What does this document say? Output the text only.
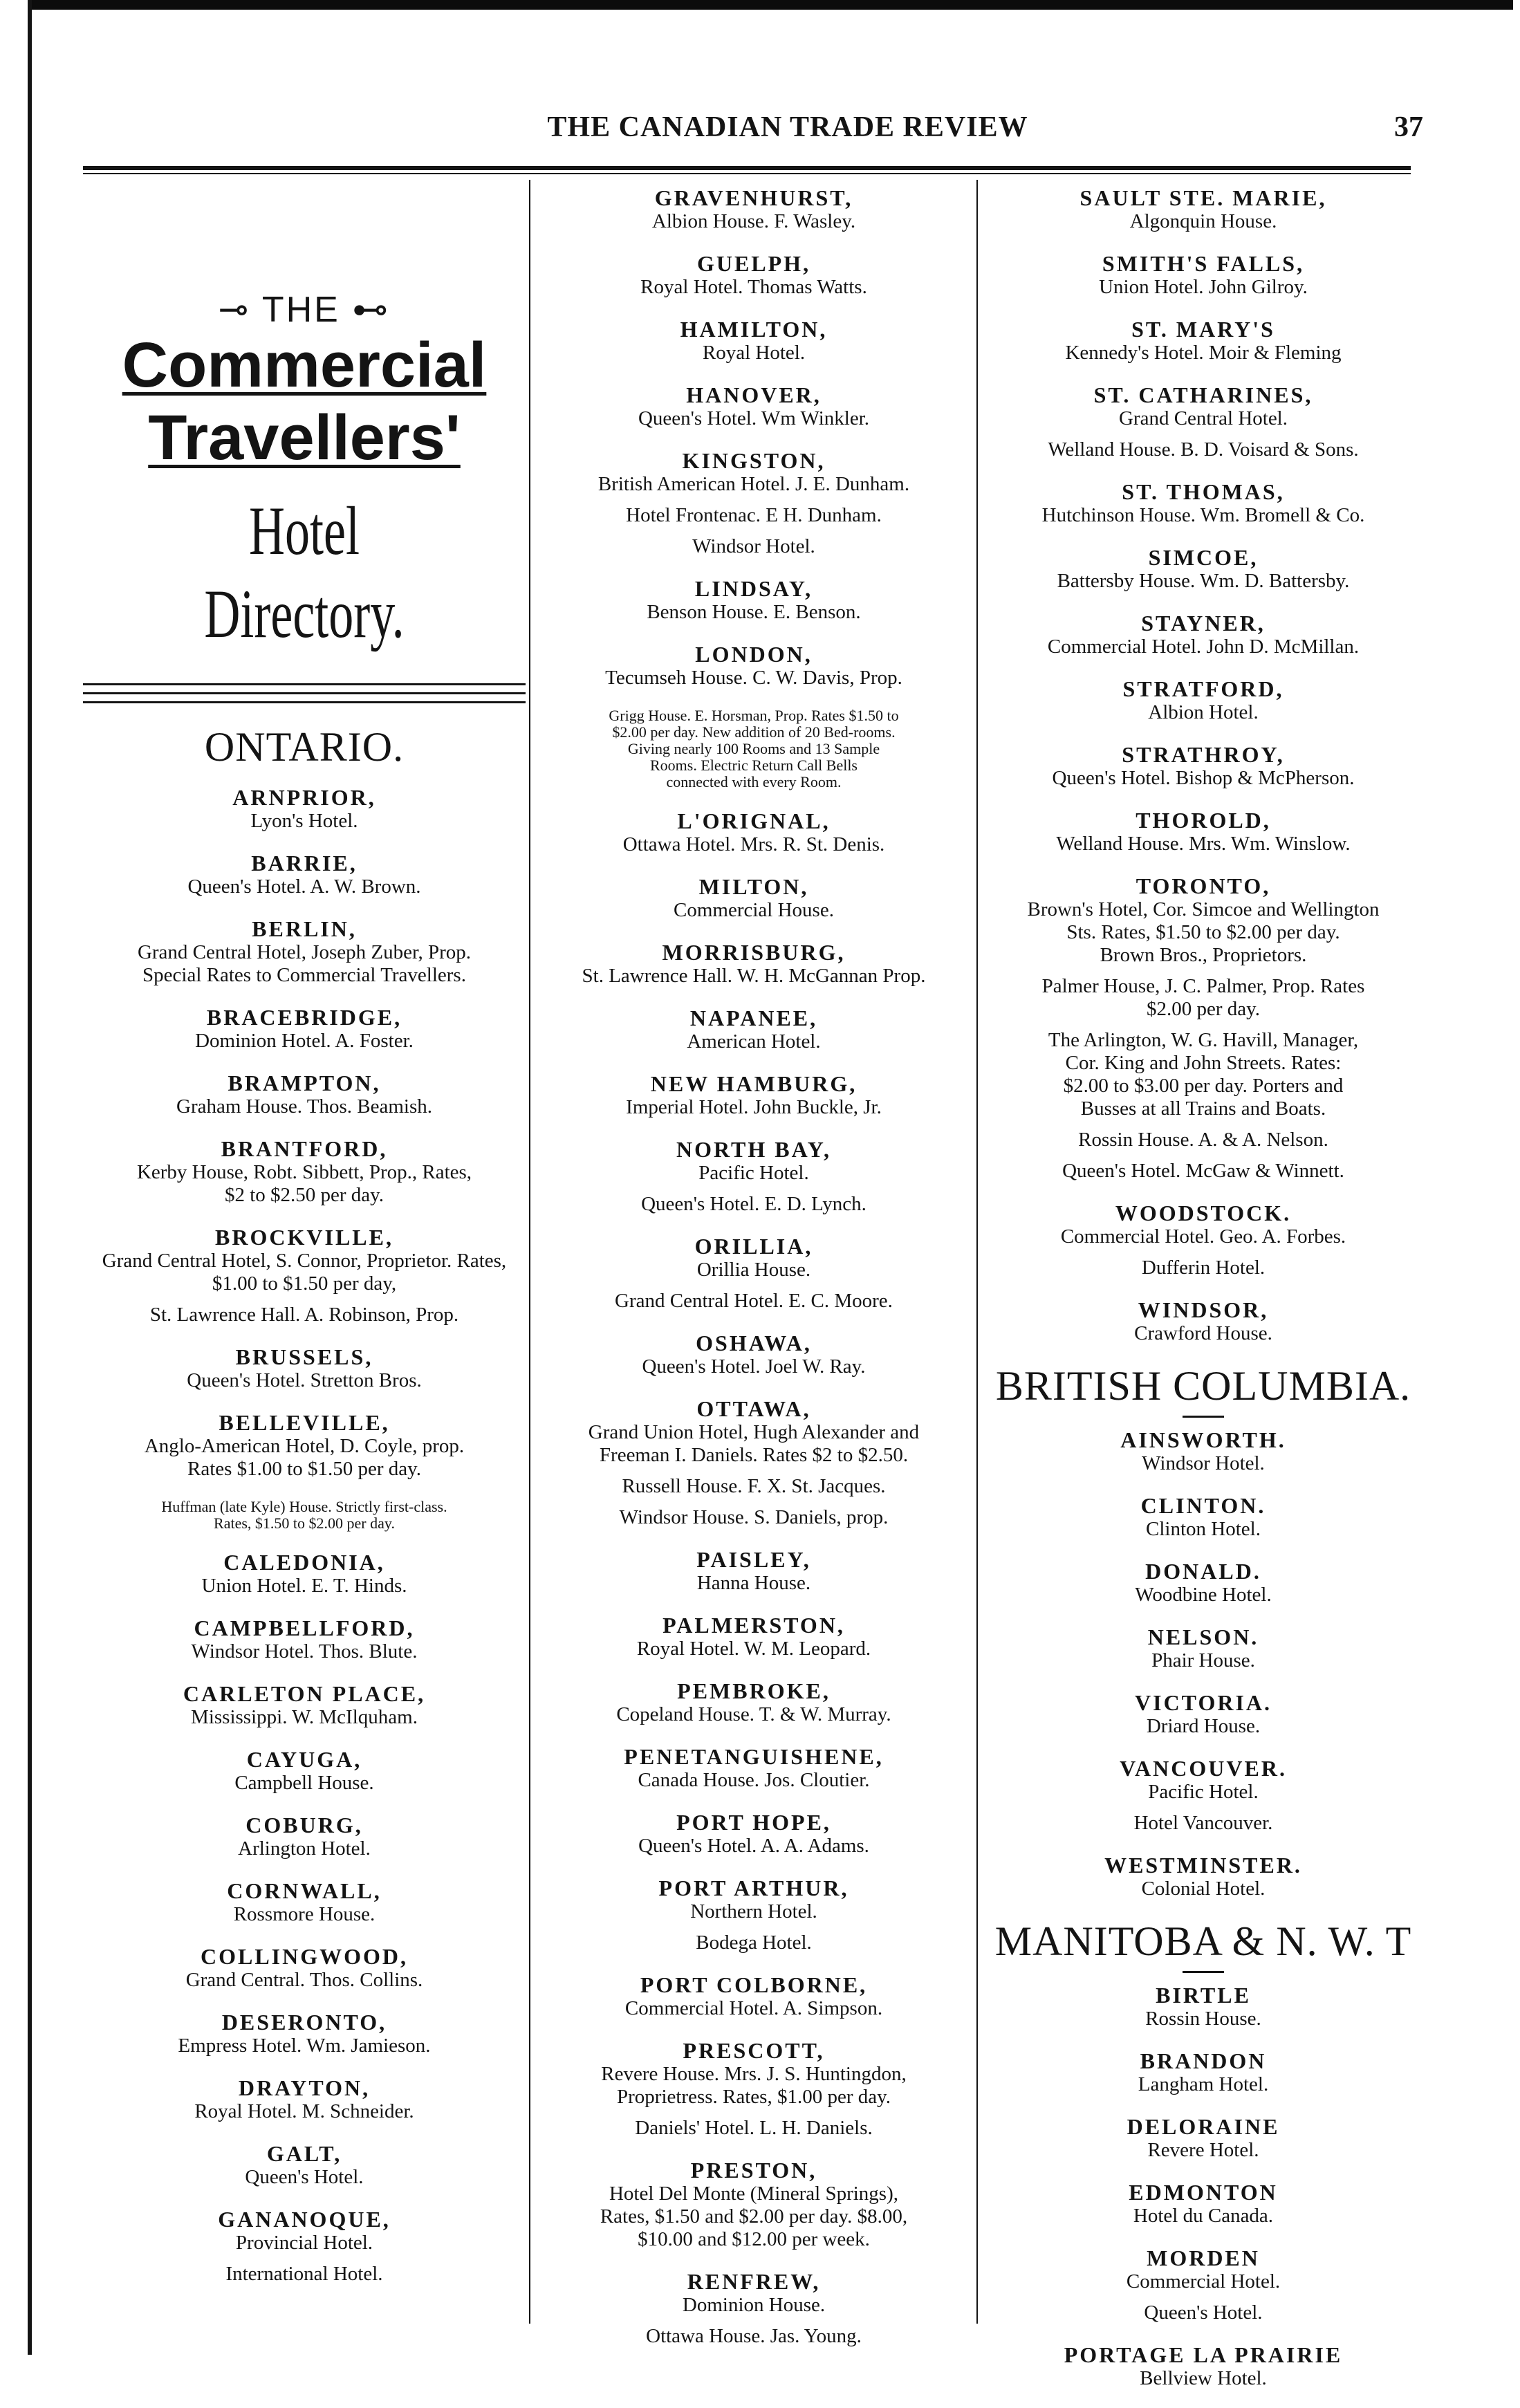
THE CANADIAN TRADE REVIEW	37
⊸ THE ⊷
Commercial
Travellers'
Hotel Directory.
ONTARIO.
ARNPRIOR,
Lyon's Hotel.
BARRIE,
Queen's Hotel. A. W. Brown.
BERLIN,
Grand Central Hotel, Joseph Zuber, Prop.
Special Rates to Commercial Travellers.
BRACEBRIDGE,
Dominion Hotel. A. Foster.
BRAMPTON,
Graham House. Thos. Beamish.
BRANTFORD,
Kerby House, Robt. Sibbett, Prop., Rates,
$2 to $2.50 per day.
BROCKVILLE,
Grand Central Hotel, S. Connor, Proprietor. Rates, $1.00 to $1.50 per day,
St. Lawrence Hall. A. Robinson, Prop.
BRUSSELS,
Queen's Hotel. Stretton Bros.
BELLEVILLE,
Anglo-American Hotel, D. Coyle, prop.
Rates $1.00 to $1.50 per day.
Huffman (late Kyle) House. Strictly first-class.
Rates, $1.50 to $2.00 per day.
CALEDONIA,
Union Hotel. E. T. Hinds.
CAMPBELLFORD,
Windsor Hotel. Thos. Blute.
CARLETON PLACE,
Mississippi. W. McIlquham.
CAYUGA,
Campbell House.
COBURG,
Arlington Hotel.
CORNWALL,
Rossmore House.
COLLINGWOOD,
Grand Central. Thos. Collins.
DESERONTO,
Empress Hotel. Wm. Jamieson.
DRAYTON,
Royal Hotel. M. Schneider.
GALT,
Queen's Hotel.
GANANOQUE,
Provincial Hotel.
International Hotel.
GRAVENHURST,
Albion House. F. Wasley.
GUELPH,
Royal Hotel. Thomas Watts.
HAMILTON,
Royal Hotel.
HANOVER,
Queen's Hotel. Wm Winkler.
KINGSTON,
British American Hotel. J. E. Dunham.
Hotel Frontenac. E H. Dunham.
Windsor Hotel.
LINDSAY,
Benson House. E. Benson.
LONDON,
Tecumseh House. C. W. Davis, Prop.
Grigg House. E. Horsman, Prop. Rates $1.50 to
$2.00 per day. New addition of 20 Bed-rooms.
Giving nearly 100 Rooms and 13 Sample
Rooms. Electric Return Call Bells
connected with every Room.
L'ORIGNAL,
Ottawa Hotel. Mrs. R. St. Denis.
MILTON,
Commercial House.
MORRISBURG,
St. Lawrence Hall. W. H. McGannan Prop.
NAPANEE,
American Hotel.
NEW HAMBURG,
Imperial Hotel. John Buckle, Jr.
NORTH BAY,
Pacific Hotel.
Queen's Hotel. E. D. Lynch.
ORILLIA,
Orillia House.
Grand Central Hotel. E. C. Moore.
OSHAWA,
Queen's Hotel. Joel W. Ray.
OTTAWA,
Grand Union Hotel, Hugh Alexander and
Freeman I. Daniels. Rates $2 to $2.50.
Russell House. F. X. St. Jacques.
Windsor House. S. Daniels, prop.
PAISLEY,
Hanna House.
PALMERSTON,
Royal Hotel. W. M. Leopard.
PEMBROKE,
Copeland House. T. & W. Murray.
PENETANGUISHENE,
Canada House. Jos. Cloutier.
PORT HOPE,
Queen's Hotel. A. A. Adams.
PORT ARTHUR,
Northern Hotel.
Bodega Hotel.
PORT COLBORNE,
Commercial Hotel. A. Simpson.
PRESCOTT,
Revere House. Mrs. J. S. Huntingdon,
Proprietress. Rates, $1.00 per day.
Daniels' Hotel. L. H. Daniels.
PRESTON,
Hotel Del Monte (Mineral Springs),
Rates, $1.50 and $2.00 per day. $8.00,
$10.00 and $12.00 per week.
RENFREW,
Dominion House.
Ottawa House. Jas. Young.
SAULT STE. MARIE,
Algonquin House.
SMITH'S FALLS,
Union Hotel. John Gilroy.
ST. MARY'S
Kennedy's Hotel. Moir & Fleming
ST. CATHARINES,
Grand Central Hotel.
Welland House. B. D. Voisard & Sons.
ST. THOMAS,
Hutchinson House. Wm. Bromell & Co.
SIMCOE,
Battersby House. Wm. D. Battersby.
STAYNER,
Commercial Hotel. John D. McMillan.
STRATFORD,
Albion Hotel.
STRATHROY,
Queen's Hotel. Bishop & McPherson.
THOROLD,
Welland House. Mrs. Wm. Winslow.
TORONTO,
Brown's Hotel, Cor. Simcoe and Wellington
Sts. Rates, $1.50 to $2.00 per day.
Brown Bros., Proprietors.
Palmer House, J. C. Palmer, Prop. Rates
$2.00 per day.
The Arlington, W. G. Havill, Manager,
Cor. King and John Streets. Rates:
$2.00 to $3.00 per day. Porters and
Busses at all Trains and Boats.
Rossin House. A. & A. Nelson.
Queen's Hotel. McGaw & Winnett.
WOODSTOCK.
Commercial Hotel. Geo. A. Forbes.
Dufferin Hotel.
WINDSOR,
Crawford House.
BRITISH COLUMBIA.
AINSWORTH.
Windsor Hotel.
CLINTON.
Clinton Hotel.
DONALD.
Woodbine Hotel.
NELSON.
Phair House.
VICTORIA.
Driard House.
VANCOUVER.
Pacific Hotel.
Hotel Vancouver.
WESTMINSTER.
Colonial Hotel.
MANITOBA & N. W. T
BIRTLE
Rossin House.
BRANDON
Langham Hotel.
DELORAINE
Revere Hotel.
EDMONTON
Hotel du Canada.
MORDEN
Commercial Hotel.
Queen's Hotel.
PORTAGE LA PRAIRIE
Bellview Hotel.
